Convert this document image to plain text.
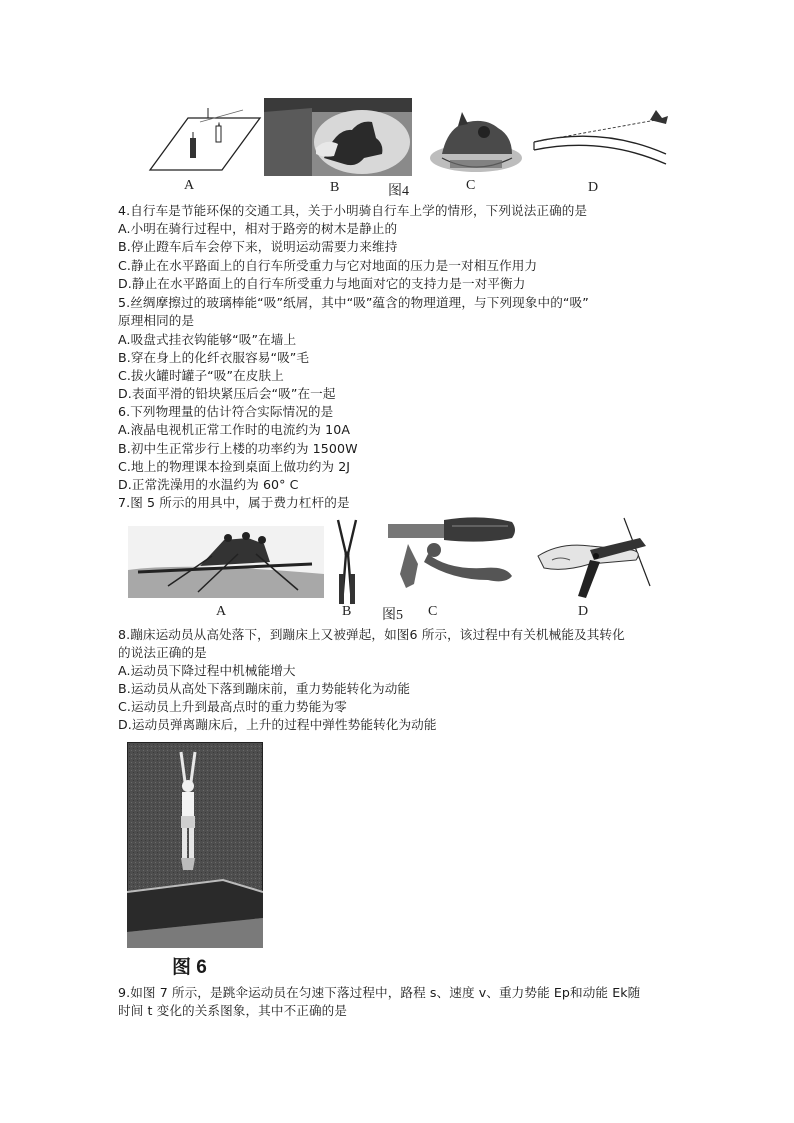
A	B	图4	C	D
4.自行车是节能环保的交通工具，关于小明骑自行车上学的情形，下列说法正确的是
A.小明在骑行过程中，相对于路旁的树木是静止的
B.停止蹬车后车会停下来，说明运动需要力来维持
C.静止在水平路面上的自行车所受重力与它对地面的压力是一对相互作用力
D.静止在水平路面上的自行车所受重力与地面对它的支持力是一对平衡力
5.丝绸摩擦过的玻璃棒能“吸”纸屑，其中“吸”蕴含的物理道理，与下列现象中的“吸”
原理相同的是
A.吸盘式挂衣钩能够“吸”在墙上
B.穿在身上的化纤衣服容易“吸”毛
C.拔火罐时罐子“吸”在皮肤上
D.表面平滑的铅块紧压后会“吸”在一起
6.下列物理量的估计符合实际情况的是
A.液晶电视机正常工作时的电流约为 10A
B.初中生正常步行上楼的功率约为 1500W
C.地上的物理课本捡到桌面上做功约为 2J
D.正常洗澡用的水温约为 60° C
7.图 5 所示的用具中，属于费力杠杆的是
A	B 图5 C	D
8.蹦床运动员从高处落下，到蹦床上又被弹起，如图6 所示，该过程中有关机械能及其转化
的说法正确的是
A.运动员下降过程中机械能增大
B.运动员从高处下落到蹦床前，重力势能转化为动能
C.运动员上升到最高点时的重力势能为零
D.运动员弹离蹦床后，上升的过程中弹性势能转化为动能
图 6
9.如图 7 所示，是跳伞运动员在匀速下落过程中，路程 s、速度 v、重力势能 Ep和动能 Ek随
时间 t 变化的关系图象，其中不正确的是
